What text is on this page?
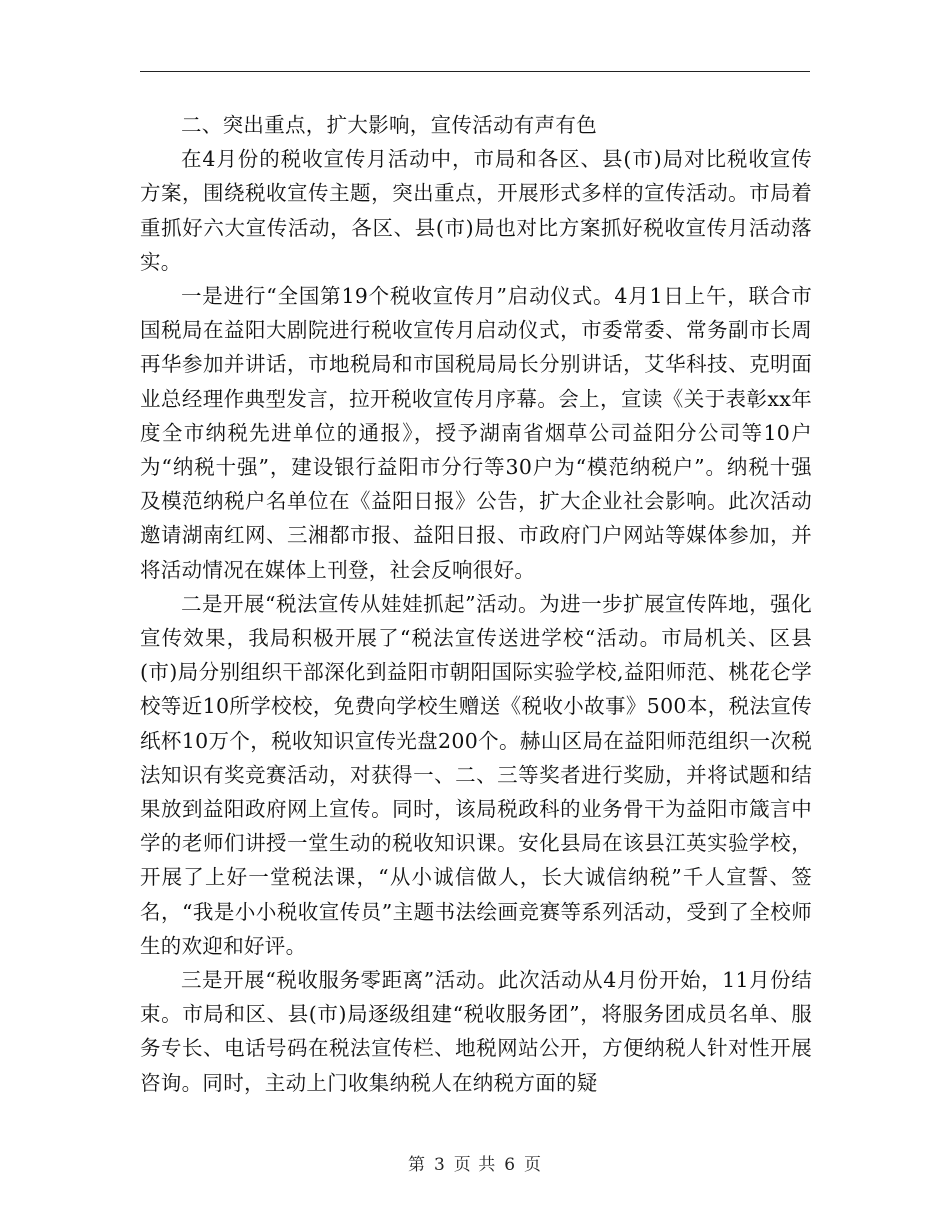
二、突出重点，扩大影响，宣传活动有声有色

在4月份的税收宣传月活动中，市局和各区、县(市)局对比税收宣传方案，围绕税收宣传主题，突出重点，开展形式多样的宣传活动。市局着重抓好六大宣传活动，各区、县(市)局也对比方案抓好税收宣传月活动落实。

一是进行“全国第19个税收宣传月”启动仪式。4月1日上午，联合市国税局在益阳大剧院进行税收宣传月启动仪式，市委常委、常务副市长周再华参加并讲话，市地税局和市国税局局长分别讲话，艾华科技、克明面业总经理作典型发言，拉开税收宣传月序幕。会上，宣读《关于表彰xx年度全市纳税先进单位的通报》，授予湖南省烟草公司益阳分公司等10户为“纳税十强”，建设银行益阳市分行等30户为“模范纳税户”。纳税十强及模范纳税户名单位在《益阳日报》公告，扩大企业社会影响。此次活动邀请湖南红网、三湘都市报、益阳日报、市政府门户网站等媒体参加，并将活动情况在媒体上刊登，社会反响很好。

二是开展“税法宣传从娃娃抓起”活动。为进一步扩展宣传阵地，强化宣传效果，我局积极开展了“税法宣传送进学校“活动。市局机关、区县(市)局分别组织干部深化到益阳市朝阳国际实验学校,益阳师范、桃花仑学校等近10所学校校，免费向学校生赠送《税收小故事》500本，税法宣传纸杯10万个，税收知识宣传光盘200个。赫山区局在益阳师范组织一次税法知识有奖竞赛活动，对获得一、二、三等奖者进行奖励，并将试题和结果放到益阳政府网上宣传。同时，该局税政科的业务骨干为益阳市箴言中学的老师们讲授一堂生动的税收知识课。安化县局在该县江英实验学校，开展了上好一堂税法课，“从小诚信做人，长大诚信纳税”千人宣誓、签名，“我是小小税收宣传员”主题书法绘画竞赛等系列活动，受到了全校师生的欢迎和好评。

三是开展“税收服务零距离”活动。此次活动从4月份开始，11月份结束。市局和区、县(市)局逐级组建“税收服务团”，将服务团成员名单、服务专长、电话号码在税法宣传栏、地税网站公开，方便纳税人针对性开展咨询。同时，主动上门收集纳税人在纳税方面的疑

第 3 页 共 6 页
